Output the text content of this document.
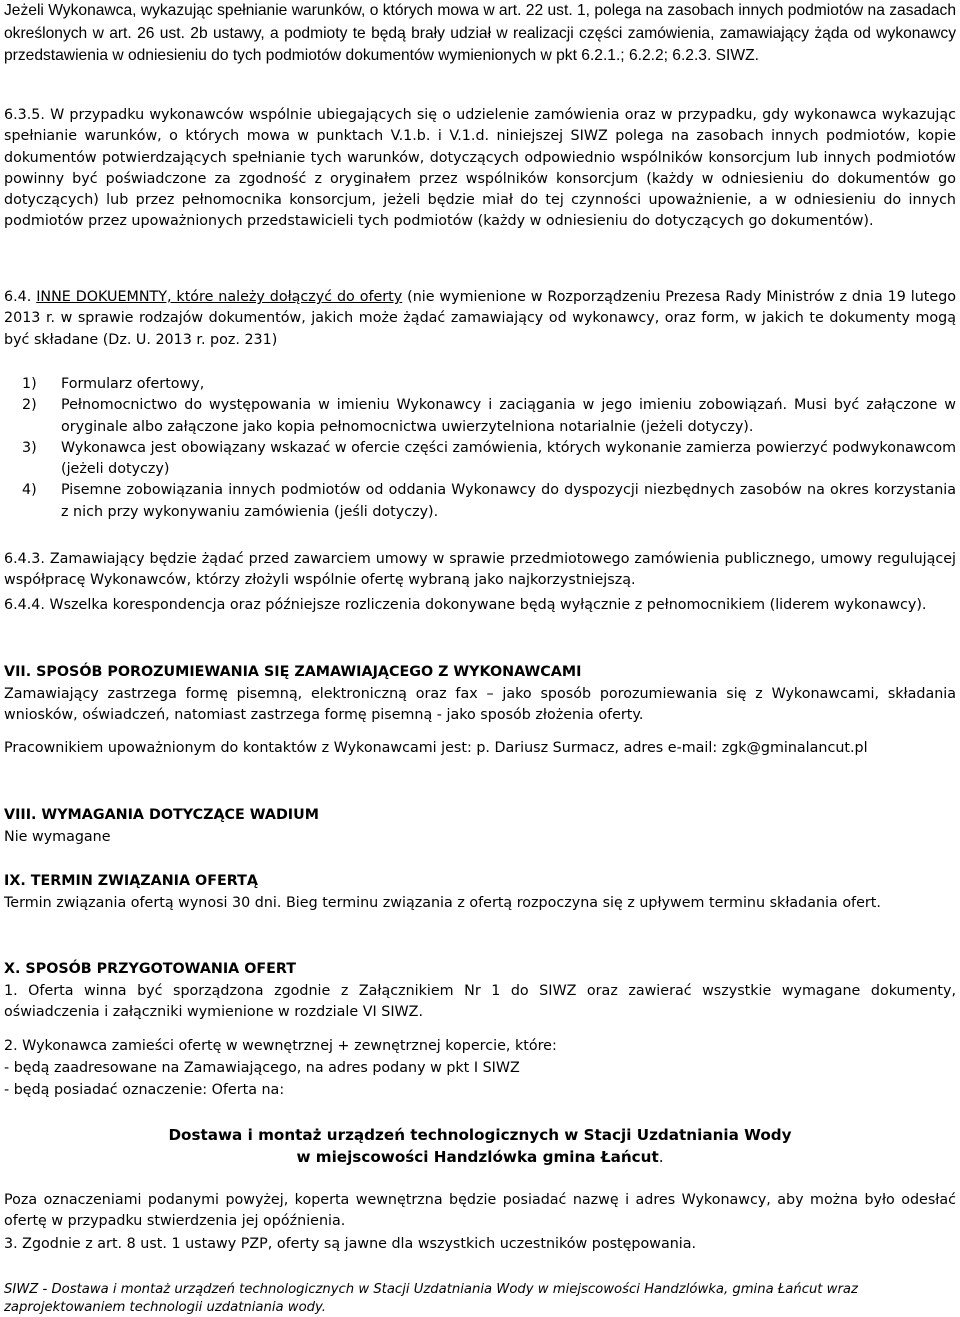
Jeżeli Wykonawca, wykazując spełnianie warunków, o których mowa w art. 22 ust. 1, polega na zasobach innych podmiotów na zasadach określonych w art. 26 ust. 2b ustawy, a podmioty te będą brały udział w realizacji części zamówienia, zamawiający żąda od wykonawcy przedstawienia w odniesieniu do tych podmiotów dokumentów wymienionych w pkt 6.2.1.; 6.2.2; 6.2.3. SIWZ.

6.3.5. W przypadku wykonawców wspólnie ubiegających się o udzielenie zamówienia oraz w przypadku, gdy wykonawca wykazując spełnianie warunków, o których mowa w punktach V.1.b. i V.1.d. niniejszej SIWZ polega na zasobach innych podmiotów, kopie dokumentów potwierdzających spełnianie tych warunków, dotyczących odpowiednio wspólników konsorcjum lub innych podmiotów powinny być poświadczone za zgodność z oryginałem przez wspólników konsorcjum (każdy w odniesieniu do dokumentów go dotyczących) lub przez pełnomocnika konsorcjum, jeżeli będzie miał do tej czynności upoważnienie, a w odniesieniu do innych podmiotów przez upoważnionych przedstawicieli tych podmiotów (każdy w odniesieniu do dotyczących go dokumentów).

6.4. INNE DOKUEMNTY, które należy dołączyć do oferty (nie wymienione w Rozporządzeniu Prezesa Rady Ministrów z dnia 19 lutego 2013 r. w sprawie rodzajów dokumentów, jakich może żądać zamawiający od wykonawcy, oraz form, w jakich te dokumenty mogą być składane (Dz. U. 2013 r. poz. 231)

1) Formularz ofertowy,
2) Pełnomocnictwo do występowania w imieniu Wykonawcy i zaciągania w jego imieniu zobowiązań. Musi być załączone w oryginale albo załączone jako kopia pełnomocnictwa uwierzytelniona notarialnie (jeżeli dotyczy).
3) Wykonawca jest obowiązany wskazać w ofercie części zamówienia, których wykonanie zamierza powierzyć podwykonawcom (jeżeli dotyczy)
4) Pisemne zobowiązania innych podmiotów od oddania Wykonawcy do dyspozycji niezbędnych zasobów na okres korzystania z nich przy wykonywaniu zamówienia (jeśli dotyczy).

6.4.3. Zamawiający będzie żądać przed zawarciem umowy w sprawie przedmiotowego zamówienia publicznego, umowy regulującej współpracę Wykonawców, którzy złożyli wspólnie ofertę wybraną jako najkorzystniejszą.

6.4.4. Wszelka korespondencja oraz późniejsze rozliczenia dokonywane będą wyłącznie z pełnomocnikiem (liderem wykonawcy).

VII. SPOSÓB POROZUMIEWANIA SIĘ ZAMAWIAJĄCEGO Z WYKONAWCAMI

Zamawiający zastrzega formę pisemną, elektroniczną oraz fax – jako sposób porozumiewania się z Wykonawcami, składania wniosków, oświadczeń, natomiast zastrzega formę pisemną - jako sposób złożenia oferty.

Pracownikiem upoważnionym do kontaktów z Wykonawcami jest: p. Dariusz Surmacz, adres e-mail: zgk@gminalancut.pl

VIII. WYMAGANIA DOTYCZĄCE WADIUM

Nie wymagane

IX. TERMIN ZWIĄZANIA OFERTĄ

Termin związania ofertą wynosi 30 dni. Bieg terminu związania z ofertą rozpoczyna się z upływem terminu składania ofert.

X. SPOSÓB PRZYGOTOWANIA OFERT

1. Oferta winna być sporządzona zgodnie z Załącznikiem Nr 1 do SIWZ oraz zawierać wszystkie wymagane dokumenty, oświadczenia i załączniki wymienione w rozdziale VI SIWZ.

2. Wykonawca zamieści ofertę w wewnętrznej + zewnętrznej kopercie, które:

- będą zaadresowane na Zamawiającego, na adres podany w pkt I SIWZ

- będą posiadać oznaczenie: Oferta na:

Dostawa i montaż urządzeń technologicznych w Stacji Uzdatniania Wody

w miejscowości Handzlówka gmina Łańcut.

Poza oznaczeniami podanymi powyżej, koperta wewnętrzna będzie posiadać nazwę i adres Wykonawcy, aby można było odesłać ofertę w przypadku stwierdzenia jej opóźnienia.

3. Zgodnie z art. 8 ust. 1 ustawy PZP, oferty są jawne dla wszystkich uczestników postępowania.

SIWZ - Dostawa i montaż urządzeń technologicznych w Stacji Uzdatniania Wody w miejscowości Handzlówka, gmina Łańcut wraz zaprojektowaniem technologii uzdatniania wody.
